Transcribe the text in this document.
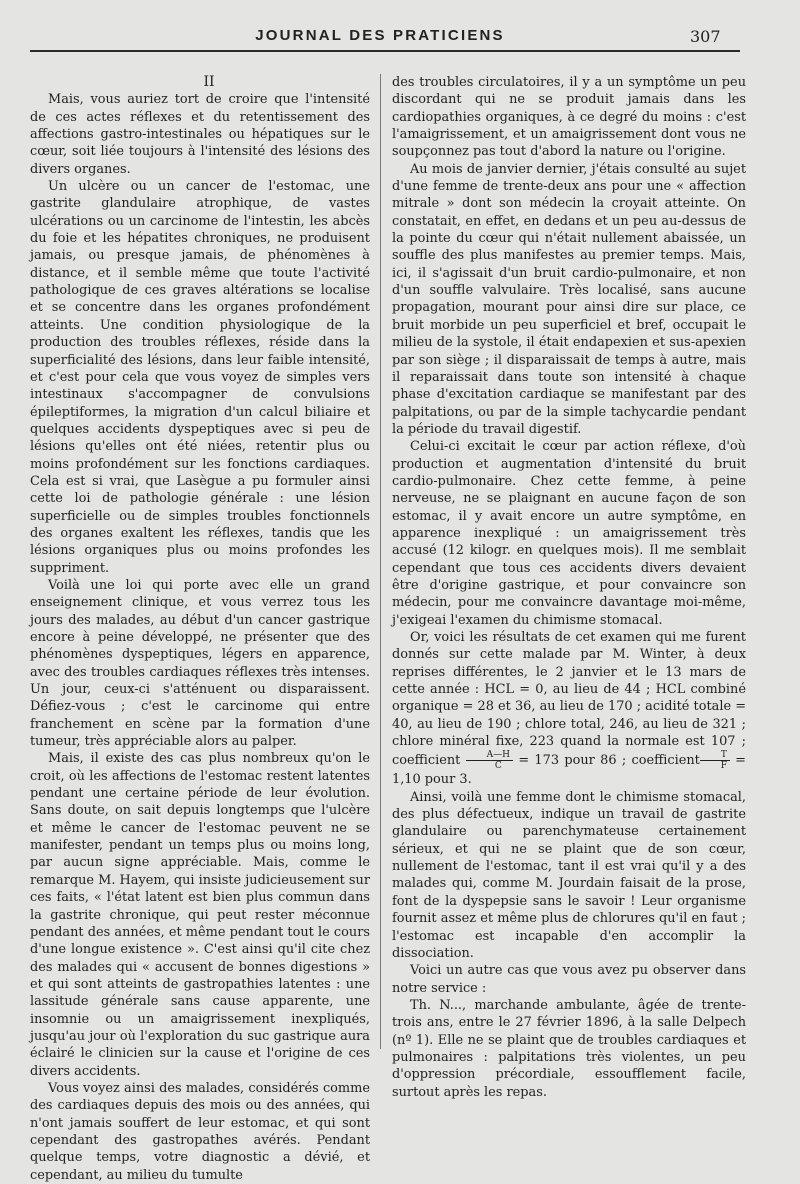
JOURNAL DES PRATICIENS	307

II

Mais, vous auriez tort de croire que l'intensité de ces actes réflexes et du retentissement des affections gastro-intestinales ou hépatiques sur le cœur, soit liée toujours à l'intensité des lésions des divers organes.

Un ulcère ou un cancer de l'estomac, une gastrite glandulaire atrophique, de vastes ulcérations ou un carcinome de l'intestin, les abcès du foie et les hépatites chroniques, ne produisent jamais, ou presque jamais, de phénomènes à distance, et il semble même que toute l'activité pathologique de ces graves altérations se localise et se concentre dans les organes profondément atteints. Une condition physiologique de la production des troubles réflexes, réside dans la superficialité des lésions, dans leur faible intensité, et c'est pour cela que vous voyez de simples vers intestinaux s'accompagner de convulsions épileptiformes, la migration d'un calcul biliaire et quelques accidents dyspeptiques avec si peu de lésions qu'elles ont été niées, retentir plus ou moins profondément sur les fonctions cardiaques. Cela est si vrai, que Lasègue a pu formuler ainsi cette loi de pathologie générale : une lésion superficielle ou de simples troubles fonctionnels des organes exaltent les réflexes, tandis que les lésions organiques plus ou moins profondes les suppriment.

Voilà une loi qui porte avec elle un grand enseignement clinique, et vous verrez tous les jours des malades, au début d'un cancer gastrique encore à peine développé, ne présenter que des phénomènes dyspeptiques, légers en apparence, avec des troubles cardiaques réflexes très intenses. Un jour, ceux-ci s'atténuent ou disparaissent. Défiez-vous ; c'est le carcinome qui entre franchement en scène par la formation d'une tumeur, très appréciable alors au palper.

Mais, il existe des cas plus nombreux qu'on le croit, où les affections de l'estomac restent latentes pendant une certaine période de leur évolution. Sans doute, on sait depuis longtemps que l'ulcère et même le cancer de l'estomac peuvent ne se manifester, pendant un temps plus ou moins long, par aucun signe appréciable. Mais, comme le remarque M. Hayem, qui insiste judicieusement sur ces faits, « l'état latent est bien plus commun dans la gastrite chronique, qui peut rester méconnue pendant des années, et même pendant tout le cours d'une longue existence ». C'est ainsi qu'il cite chez des malades qui « accusent de bonnes digestions » et qui sont atteints de gastropathies latentes : une lassitude générale sans cause apparente, une insomnie ou un amaigrissement inexpliqués, jusqu'au jour où l'exploration du suc gastrique aura éclairé le clinicien sur la cause et l'origine de ces divers accidents.

Vous voyez ainsi des malades, considérés comme des cardiaques depuis des mois ou des années, qui n'ont jamais souffert de leur estomac, et qui sont cependant des gastropathes avérés. Pendant quelque temps, votre diagnostic a dévié, et cependant, au milieu du tumulte

des troubles circulatoires, il y a un symptôme un peu discordant qui ne se produit jamais dans les cardiopathies organiques, à ce degré du moins : c'est l'amaigrissement, et un amaigrissement dont vous ne soupçonnez pas tout d'abord la nature ou l'origine.

Au mois de janvier dernier, j'étais consulté au sujet d'une femme de trente-deux ans pour une « affection mitrale » dont son médecin la croyait atteinte. On constatait, en effet, en dedans et un peu au-dessus de la pointe du cœur qui n'était nullement abaissée, un souffle des plus manifestes au premier temps. Mais, ici, il s'agissait d'un bruit cardio-pulmonaire, et non d'un souffle valvulaire. Très localisé, sans aucune propagation, mourant pour ainsi dire sur place, ce bruit morbide un peu superficiel et bref, occupait le milieu de la systole, il était endapexien et sus-apexien par son siège ; il disparaissait de temps à autre, mais il reparaissait dans toute son intensité à chaque phase d'excitation cardiaque se manifestant par des palpitations, ou par de la simple tachycardie pendant la période du travail digestif.

Celui-ci excitait le cœur par action réflexe, d'où production et augmentation d'intensité du bruit cardio-pulmonaire. Chez cette femme, à peine nerveuse, ne se plaignant en aucune façon de son estomac, il y avait encore un autre symptôme, en apparence inexpliqué : un amaigrissement très accusé (12 kilogr. en quelques mois). Il me semblait cependant que tous ces accidents divers devaient être d'origine gastrique, et pour convaincre son médecin, pour me convaincre davantage moi-même, j'exigeai l'examen du chimisme stomacal.

Or, voici les résultats de cet examen qui me furent donnés sur cette malade par M. Winter, à deux reprises différentes, le 2 janvier et le 13 mars de cette année : HCL = 0, au lieu de 44 ; HCL combiné organique = 28 et 36, au lieu de 170 ; acidité totale = 40, au lieu de 190 ; chlore total, 246, au lieu de 321 ; chlore minéral fixe, 223 quand la normale est 107 ; coefficient $\frac{A—H}{C} = 173$ pour 86 ; coefficient $\frac{T}{F} = 1,10$ pour 3.

Ainsi, voilà une femme dont le chimisme stomacal, des plus défectueux, indique un travail de gastrite glandulaire ou parenchymateuse certainement sérieux, et qui ne se plaint que de son cœur, nullement de l'estomac, tant il est vrai qu'il y a des malades qui, comme M. Jourdain faisait de la prose, font de la dyspepsie sans le savoir ! Leur organisme fournit assez et même plus de chlorures qu'il en faut ; l'estomac est incapable d'en accomplir la dissociation.

Voici un autre cas que vous avez pu observer dans notre service :

Th. N..., marchande ambulante, âgée de trente-trois ans, entre le 27 février 1896, à la salle Delpech (nº 1). Elle ne se plaint que de troubles cardiaques et pulmonaires : palpitations très violentes, un peu d'oppression précordiale, essoufflement facile, surtout après les repas.
